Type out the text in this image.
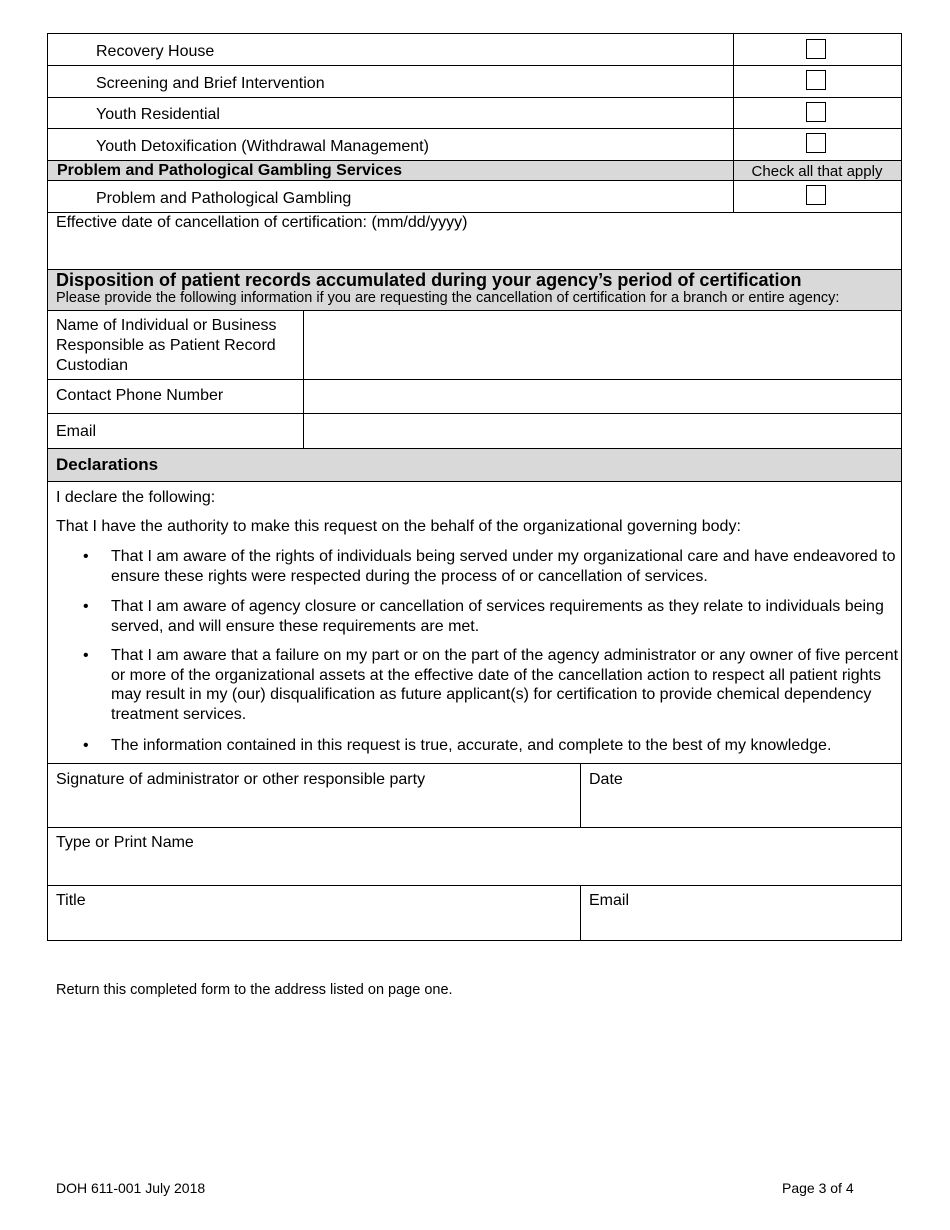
Recovery House
Screening and Brief Intervention
Youth Residential
Youth Detoxification (Withdrawal Management)
Problem and Pathological Gambling Services	Check all that apply
Problem and Pathological Gambling
Effective date of cancellation of certification: (mm/dd/yyyy)
Disposition of patient records accumulated during your agency’s period of certification
Please provide the following information if you are requesting the cancellation of certification for a branch or entire agency:
Name of Individual or Business
Responsible as Patient Record
Custodian
Contact Phone Number
Email
Declarations
I declare the following:
That I have the authority to make this request on the behalf of the organizational governing body:
• That I am aware of the rights of individuals being served under my organizational care and have endeavored to ensure these rights were respected during the process of or cancellation of services.
• That I am aware of agency closure or cancellation of services requirements as they relate to individuals being served, and will ensure these requirements are met.
• That I am aware that a failure on my part or on the part of the agency administrator or any owner of five percent or more of the organizational assets at the effective date of the cancellation action to respect all patient rights may result in my (our) disqualification as future applicant(s) for certification to provide chemical dependency treatment services.
• The information contained in this request is true, accurate, and complete to the best of my knowledge.
Signature of administrator or other responsible party	Date
Type or Print Name
Title	Email
Return this completed form to the address listed on page one.
DOH 611-001 July 2018	Page 3 of 4
